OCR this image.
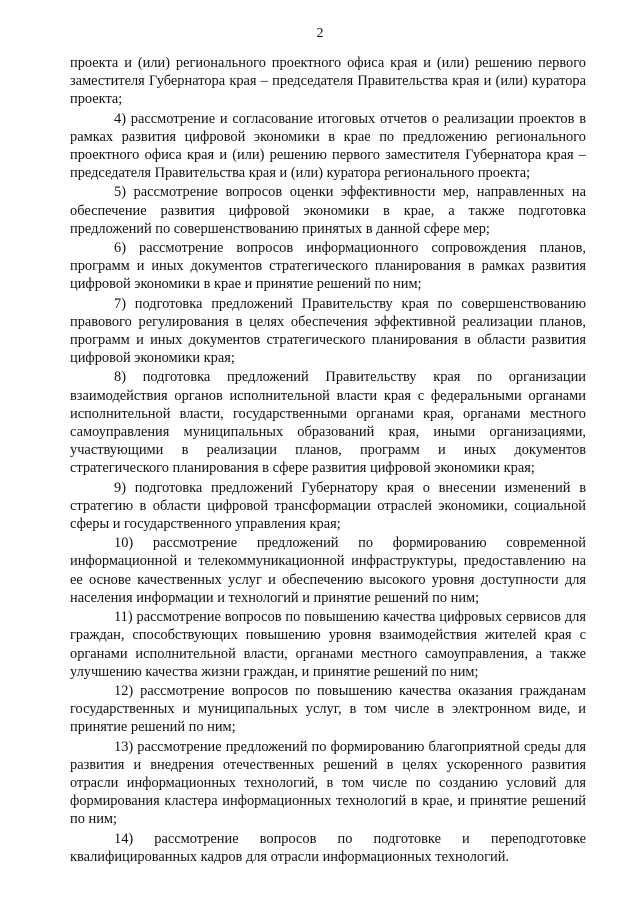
2

проекта и (или) регионального проектного офиса края и (или) решению первого заместителя Губернатора края – председателя Правительства края и (или) куратора проекта;

4) рассмотрение и согласование итоговых отчетов о реализации проектов в рамках развития цифровой экономики в крае по предложению регионального проектного офиса края и (или) решению первого заместителя Губернатора края – председателя Правительства края и (или) куратора регионального проекта;

5) рассмотрение вопросов оценки эффективности мер, направленных на обеспечение развития цифровой экономики в крае, а также подготовка предложений по совершенствованию принятых в данной сфере мер;

6) рассмотрение вопросов информационного сопровождения планов, программ и иных документов стратегического планирования в рамках развития цифровой экономики в крае и принятие решений по ним;

7) подготовка предложений Правительству края по совершенствованию правового регулирования в целях обеспечения эффективной реализации планов, программ и иных документов стратегического планирования в области развития цифровой экономики края;

8) подготовка предложений Правительству края по организации взаимодействия органов исполнительной власти края с федеральными органами исполнительной власти, государственными органами края, органами местного самоуправления муниципальных образований края, иными организациями, участвующими в реализации планов, программ и иных документов стратегического планирования в сфере развития цифровой экономики края;

9) подготовка предложений Губернатору края о внесении изменений в стратегию в области цифровой трансформации отраслей экономики, социальной сферы и государственного управления края;

10) рассмотрение предложений по формированию современной информационной и телекоммуникационной инфраструктуры, предоставлению на ее основе качественных услуг и обеспечению высокого уровня доступности для населения информации и технологий и принятие решений по ним;

11) рассмотрение вопросов по повышению качества цифровых сервисов для граждан, способствующих повышению уровня взаимодействия жителей края с органами исполнительной власти, органами местного самоуправления, а также улучшению качества жизни граждан, и принятие решений по ним;

12) рассмотрение вопросов по повышению качества оказания гражданам государственных и муниципальных услуг, в том числе в электронном виде, и принятие решений по ним;

13) рассмотрение предложений по формированию благоприятной среды для развития и внедрения отечественных решений в целях ускоренного развития отрасли информационных технологий, в том числе по созданию условий для формирования кластера информационных технологий в крае, и принятие решений по ним;

14) рассмотрение вопросов по подготовке и переподготовке квалифицированных кадров для отрасли информационных технологий.
